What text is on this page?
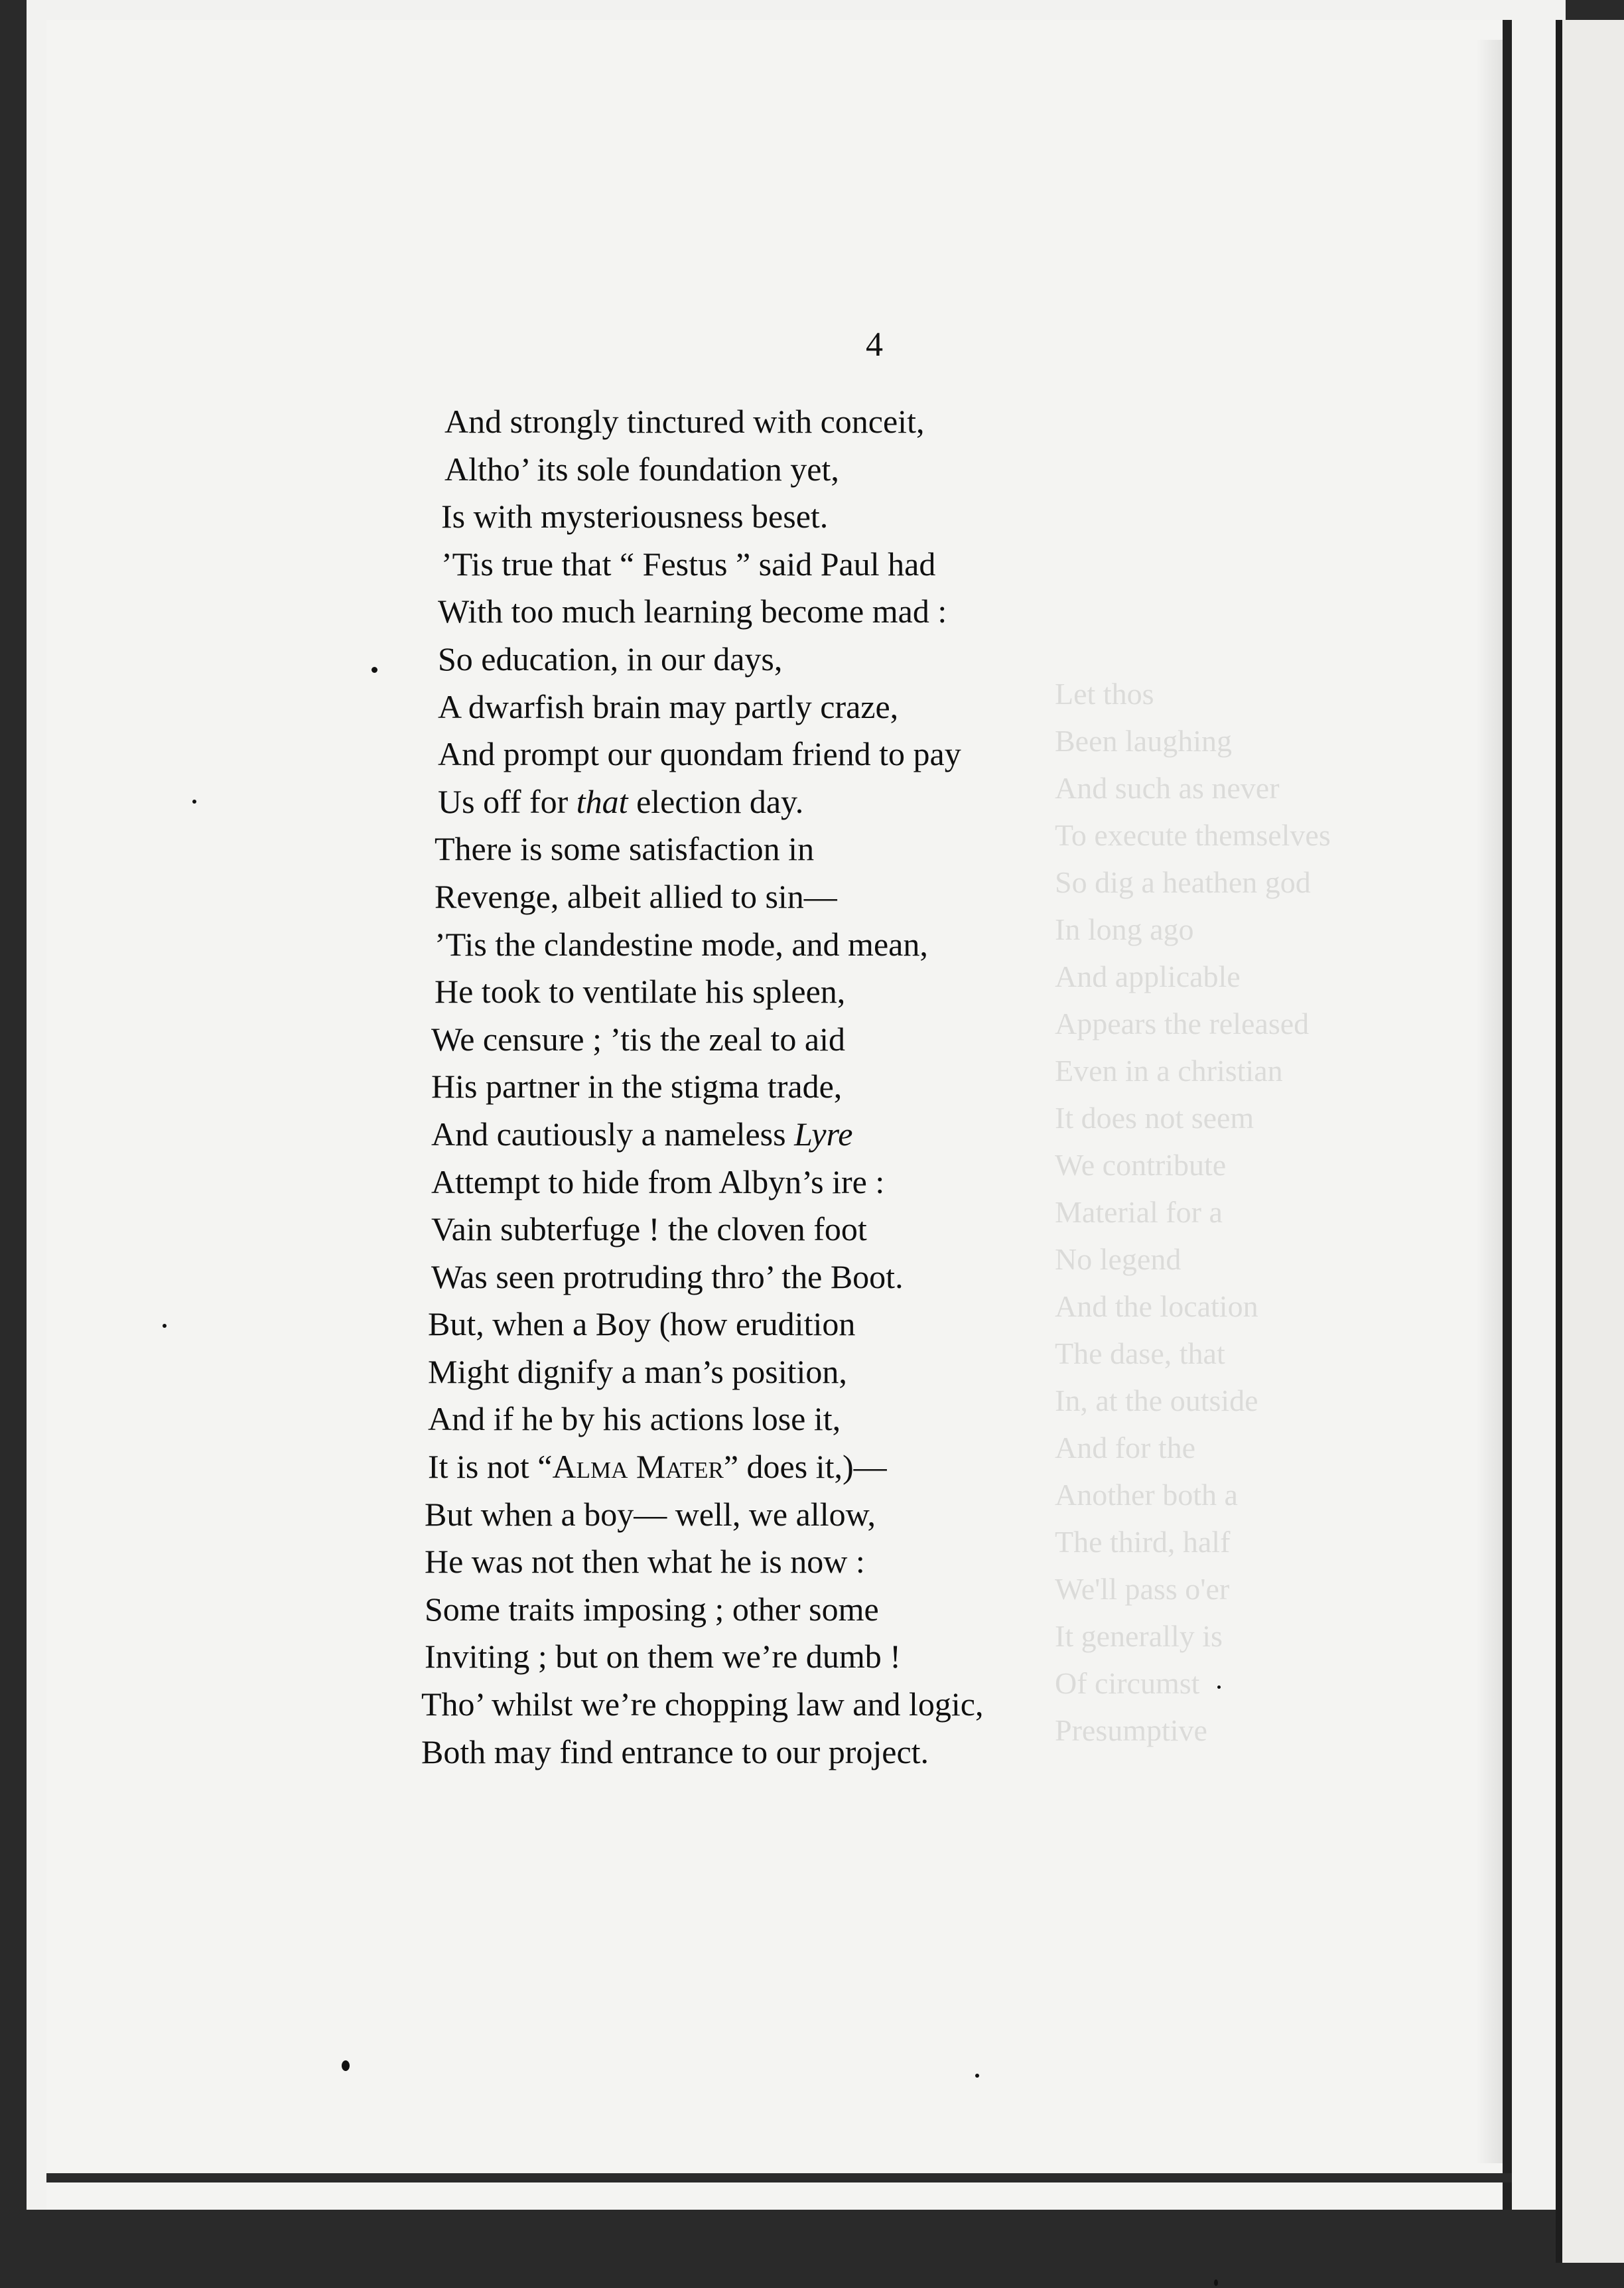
Let thos
Been laughing
And such as never
To execute themselves
So dig a heathen god
In long ago
And applicable
Appears the released
Even in a christian
It does not seem
We contribute
Material for a
No legend
And the location
The dase, that
In, at the outside
And for the
Another both a
The third, half
We'll pass o'er
It generally is
Of circumst
Presumptive
4
And strongly tinctured with conceit,
Altho’ its sole foundation yet,
Is with mysteriousness beset.
’Tis true that “ Festus ” said Paul had
With too much learning become mad :
So education, in our days,
A dwarfish brain may partly craze,
And prompt our quondam friend to pay
Us off for that election day.
There is some satisfaction in
Revenge, albeit allied to sin—
’Tis the clandestine mode, and mean,
He took to ventilate his spleen,
We censure ; ’tis the zeal to aid
His partner in the stigma trade,
And cautiously a nameless Lyre
Attempt to hide from Albyn’s ire :
Vain subterfuge ! the cloven foot
Was seen protruding thro’ the Boot.
But, when a Boy (how erudition
Might dignify a man’s position,
And if he by his actions lose it,
It is not “Alma Mater” does it,)—
But when a boy— well, we allow,
He was not then what he is now :
Some traits imposing ; other some
Inviting ; but on them we’re dumb !
Tho’ whilst we’re chopping law and logic,
Both may find entrance to our project.
